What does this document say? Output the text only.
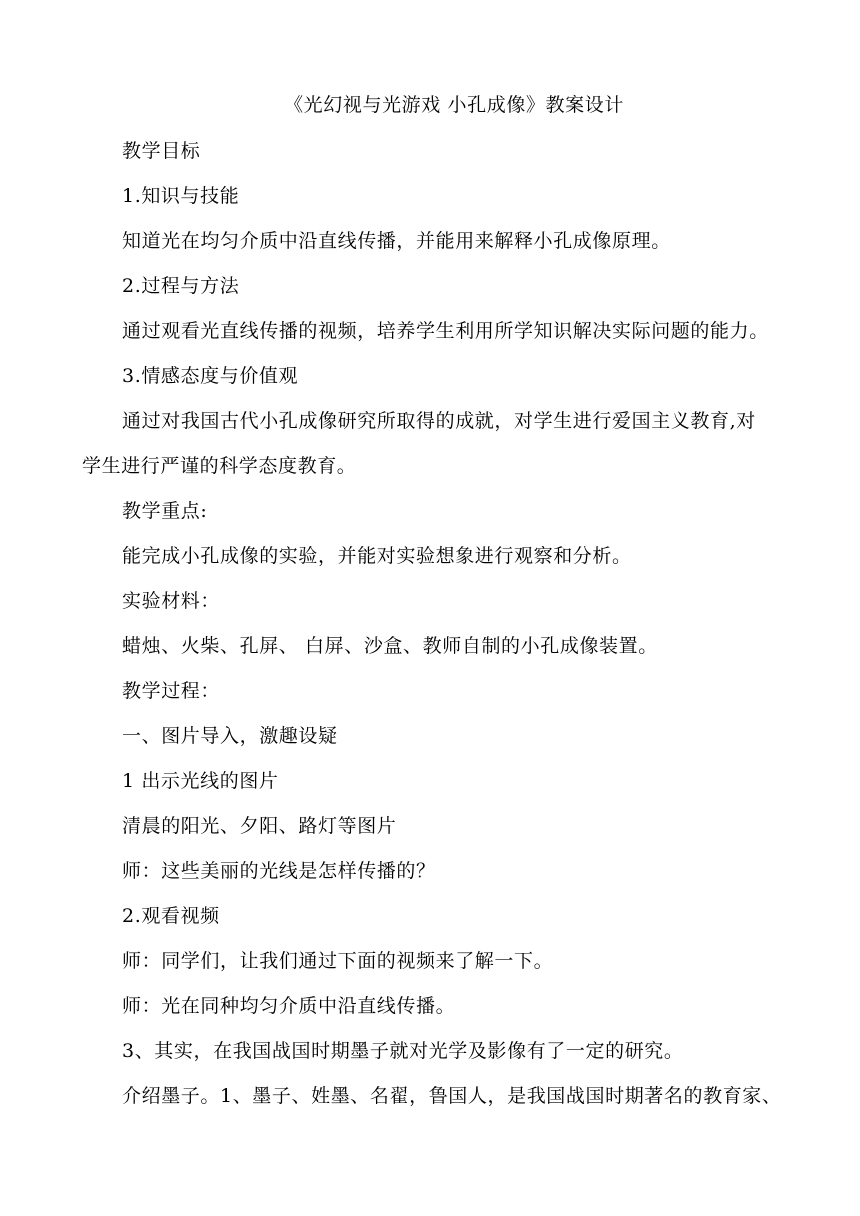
《光幻视与光游戏 小孔成像》教案设计
教学目标
1.知识与技能
知道光在均匀介质中沿直线传播，并能用来解释小孔成像原理。
2.过程与方法
通过观看光直线传播的视频，培养学生利用所学知识解决实际问题的能力。
3.情感态度与价值观
通过对我国古代小孔成像研究所取得的成就，对学生进行爱国主义教育,对
学生进行严谨的科学态度教育。
教学重点:
能完成小孔成像的实验，并能对实验想象进行观察和分析。
实验材料：
蜡烛、火柴、孔屏、 白屏、沙盒、教师自制的小孔成像装置。
教学过程：
一、图片导入，激趣设疑
1 出示光线的图片
清晨的阳光、夕阳、路灯等图片
师：这些美丽的光线是怎样传播的？
2.观看视频
师：同学们，让我们通过下面的视频来了解一下。
师：光在同种均匀介质中沿直线传播。
3、其实，在我国战国时期墨子就对光学及影像有了一定的研究。
介绍墨子。1、墨子、姓墨、名翟，鲁国人，是我国战国时期著名的教育家、
